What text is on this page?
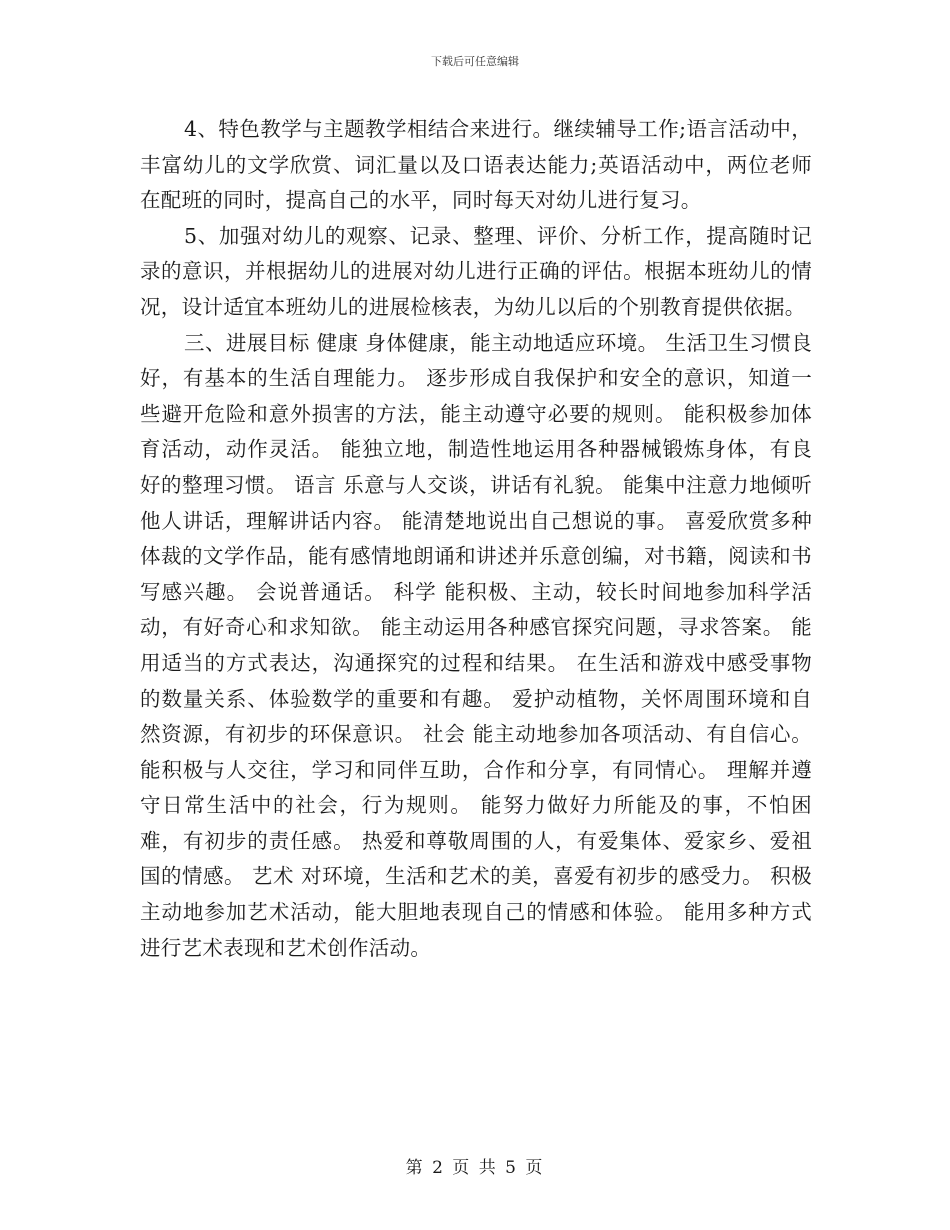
下载后可任意编辑

4、特色教学与主题教学相结合来进行。继续辅导工作;语言活动中，丰富幼儿的文学欣赏、词汇量以及口语表达能力;英语活动中，两位老师在配班的同时，提高自己的水平，同时每天对幼儿进行复习。

5、加强对幼儿的观察、记录、整理、评价、分析工作，提高随时记录的意识，并根据幼儿的进展对幼儿进行正确的评估。根据本班幼儿的情况，设计适宜本班幼儿的进展检核表，为幼儿以后的个别教育提供依据。

三、进展目标 健康 身体健康，能主动地适应环境。 生活卫生习惯良好，有基本的生活自理能力。 逐步形成自我保护和安全的意识，知道一些避开危险和意外损害的方法，能主动遵守必要的规则。 能积极参加体育活动，动作灵活。 能独立地，制造性地运用各种器械锻炼身体，有良好的整理习惯。 语言 乐意与人交谈，讲话有礼貌。 能集中注意力地倾听他人讲话，理解讲话内容。 能清楚地说出自己想说的事。 喜爱欣赏多种体裁的文学作品，能有感情地朗诵和讲述并乐意创编，对书籍，阅读和书写感兴趣。 会说普通话。 科学 能积极、主动，较长时间地参加科学活动，有好奇心和求知欲。 能主动运用各种感官探究问题，寻求答案。 能用适当的方式表达，沟通探究的过程和结果。 在生活和游戏中感受事物的数量关系、体验数学的重要和有趣。 爱护动植物，关怀周围环境和自然资源，有初步的环保意识。 社会 能主动地参加各项活动、有自信心。 能积极与人交往，学习和同伴互助，合作和分享，有同情心。 理解并遵守日常生活中的社会，行为规则。 能努力做好力所能及的事，不怕困难，有初步的责任感。 热爱和尊敬周围的人，有爱集体、爱家乡、爱祖国的情感。 艺术 对环境，生活和艺术的美，喜爱有初步的感受力。 积极主动地参加艺术活动，能大胆地表现自己的情感和体验。 能用多种方式进行艺术表现和艺术创作活动。

第 2 页 共 5 页
